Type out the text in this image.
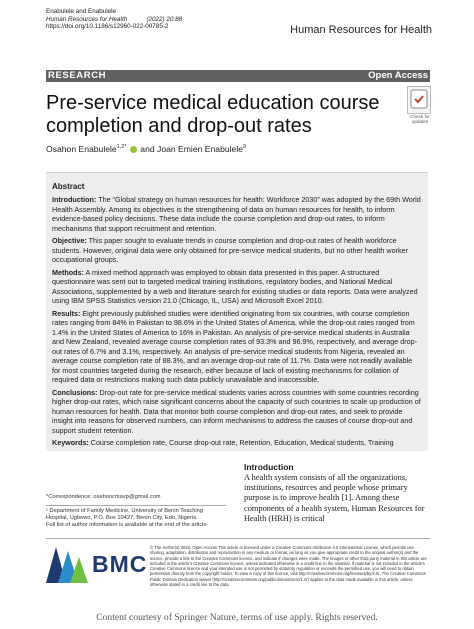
Enabulele and Enabulele
Human Resources for Health	(2022) 20:88
https://doi.org/10.1186/s12960-022-00785-2	Human Resources for Health
RESEARCH	Open Access
Pre-service medical education course completion and drop-out rates	Check for updates
Osahon Enabulele$^{1,2*}$  and Joan Emien Enabulele$^3$
Abstract

Introduction: The “Global strategy on human resources for health: Workforce 2030” was adopted by the 69th World Health Assembly. Among its objectives is the strengthening of data on human resources for health, to inform evidence-based policy decisions. These data include the course completion and drop-out rates, to inform mechanisms that support recruitment and retention.

Objective: This paper sought to evaluate trends in course completion and drop-out rates of health workforce students. However, original data were only obtained for pre-service medical students, but no other health worker occupational groups.

Methods: A mixed method approach was employed to obtain data presented in this paper. A structured questionnaire was sent out to targeted medical training institutions, regulatory bodies, and National Medical Associations, supplemented by a web and literature search for existing studies or data reports. Data were analyzed using IBM SPSS Statistics version 21.0 (Chicago, IL, USA) and Microsoft Excel 2010.

Results: Eight previously published studies were identified originating from six countries, with course completion rates ranging from 84% in Pakistan to 98.6% in the United States of America, while the drop-out rates ranged from 1.4% in the United States of America to 16% in Pakistan. An analysis of pre-service medical students in Australia and New Zealand, revealed average course completion rates of 93.3% and 96.9%, respectively, and average drop-out rates of 6.7% and 3.1%, respectively. An analysis of pre-service medical students from Nigeria, revealed an average course completion rate of 88.3%, and an average drop-out rate of 11.7%. Data were not readily available for most countries targeted during the research, either because of lack of existing mechanisms for collation of required data or restrictions making such data publicly unavailable and inaccessible.

Conclusions: Drop-out rate for pre-service medical students varies across countries with some countries recording higher drop-out rates, which raise significant concerns about the capacity of such countries to scale up production of human resources for health. Data that monitor both course completion and drop-out rates, and seek to provide insight into reasons for observed numbers, can inform mechanisms to address the causes of course drop-out and support student retention.

Keywords: Course completion rate, Course drop-out rate, Retention, Education, Medical students, Training

Introduction
A health system consists of all the organizations, institutions, resources and people whose primary purpose is to improve health [1]. Among these components of a health system, Human Resources for Health (HRH) is critical
*Correspondence: osahoncmavp@gmail.com
¹ Department of Family Medicine, University of Benin Teaching Hospital, Ugbowo, P.O. Box 10427, Benin City, Edo, Nigeria
Full list of author information is available at the end of the article
BMC
© The Author(s) 2022. Open Access This article is licensed under a Creative Commons Attribution 4.0 International License, which permits use, sharing, adaptation, distribution and reproduction in any medium or format, as long as you give appropriate credit to the original author(s) and the source, provide a link to the Creative Commons licence, and indicate if changes were made. The images or other third party material in this article are included in the article's Creative Commons licence, unless indicated otherwise in a credit line to the material. If material is not included in the article's Creative Commons licence and your intended use is not permitted by statutory regulation or exceeds the permitted use, you will need to obtain permission directly from the copyright holder. To view a copy of this licence, visit http://creativecommons.org/licenses/by/4.0/. The Creative Commons Public Domain Dedication waiver (http://creativecommons.org/publicdomain/zero/1.0/) applies to the data made available in this article, unless otherwise stated in a credit line to the data.
Content courtesy of Springer Nature, terms of use apply. Rights reserved.
